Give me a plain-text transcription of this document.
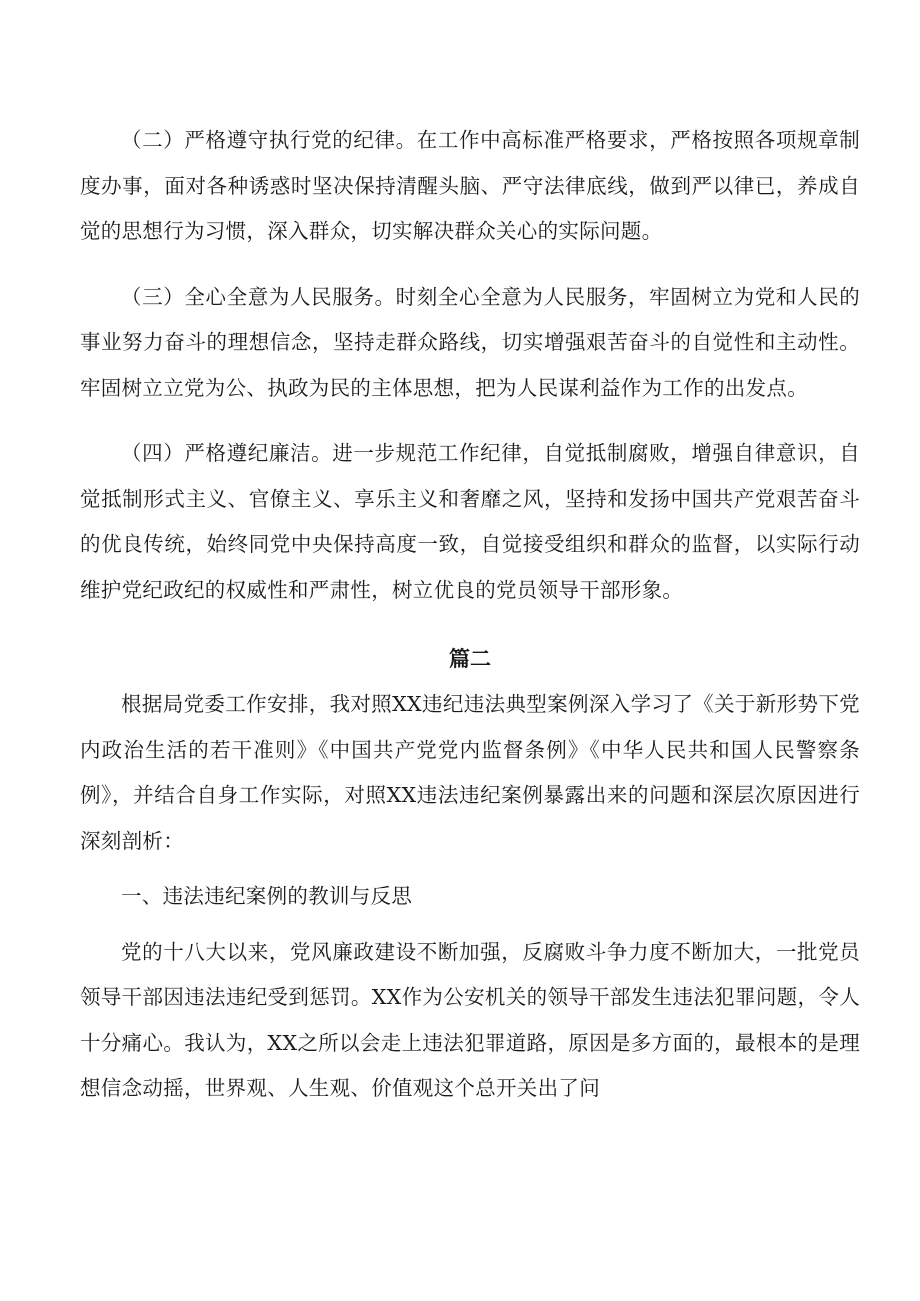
（二）严格遵守执行党的纪律。在工作中高标准严格要求，严格按照各项规章制度办事，面对各种诱惑时坚决保持清醒头脑、严守法律底线，做到严以律已，养成自觉的思想行为习惯，深入群众，切实解决群众关心的实际问题。

（三）全心全意为人民服务。时刻全心全意为人民服务，牢固树立为党和人民的事业努力奋斗的理想信念，坚持走群众路线，切实增强艰苦奋斗的自觉性和主动性。牢固树立立党为公、执政为民的主体思想，把为人民谋利益作为工作的出发点。

（四）严格遵纪廉洁。进一步规范工作纪律，自觉抵制腐败，增强自律意识，自觉抵制形式主义、官僚主义、享乐主义和奢靡之风，坚持和发扬中国共产党艰苦奋斗的优良传统，始终同党中央保持高度一致，自觉接受组织和群众的监督，以实际行动维护党纪政纪的权威性和严肃性，树立优良的党员领导干部形象。

篇二

根据局党委工作安排，我对照XX违纪违法典型案例深入学习了《关于新形势下党内政治生活的若干准则》《中国共产党党内监督条例》《中华人民共和国人民警察条例》，并结合自身工作实际，对照XX违法违纪案例暴露出来的问题和深层次原因进行深刻剖析：

一、违法违纪案例的教训与反思

党的十八大以来，党风廉政建设不断加强，反腐败斗争力度不断加大，一批党员领导干部因违法违纪受到惩罚。XX作为公安机关的领导干部发生违法犯罪问题，令人十分痛心。我认为，XX之所以会走上违法犯罪道路，原因是多方面的，最根本的是理想信念动摇，世界观、人生观、价值观这个总开关出了问
